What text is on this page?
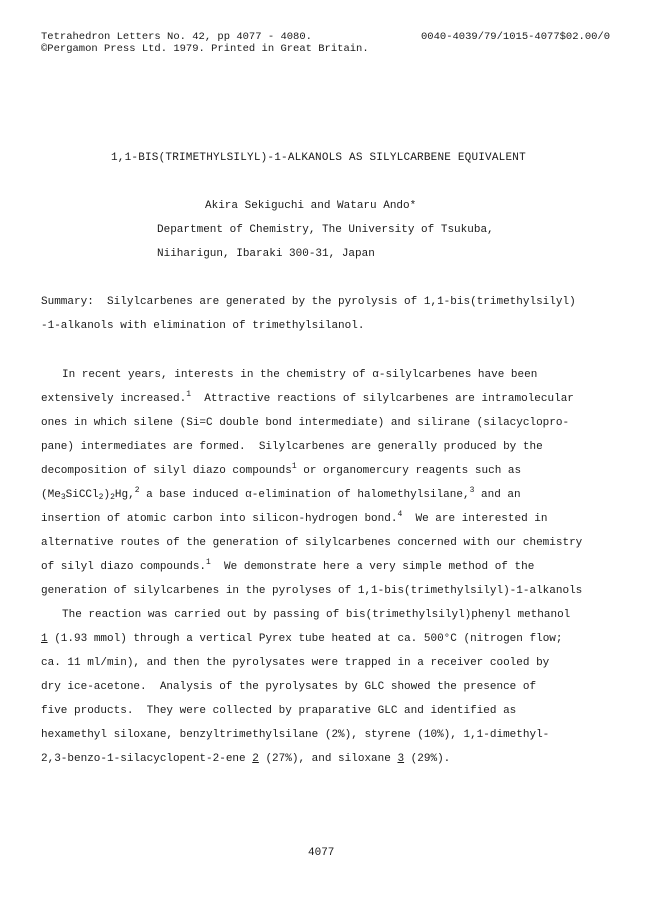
Tetrahedron Letters No. 42, pp 4077 - 4080.
©Pergamon Press Ltd. 1979. Printed in Great Britain.
0040-4039/79/1015-4077$02.00/0
1,1-BIS(TRIMETHYLSILYL)-1-ALKANOLS AS SILYLCARBENE EQUIVALENT
Akira Sekiguchi and Wataru Ando*
Department of Chemistry, The University of Tsukuba,
Niiharigun, Ibaraki 300-31, Japan
Summary:  Silylcarbenes are generated by the pyrolysis of 1,1-bis(trimethylsilyl)
-1-alkanols with elimination of trimethylsilanol.
In recent years, interests in the chemistry of α-silylcarbenes have been
extensively increased.$^1$  Attractive reactions of silylcarbenes are intramolecular
ones in which silene (Si=C double bond intermediate) and silirane (silacyclopro-
pane) intermediates are formed.  Silylcarbenes are generally produced by the
decomposition of silyl diazo compounds$^1$ or organomercury reagents such as
$(Me_3SiCCl_2)_2Hg,^2$ a base induced α-elimination of halomethylsilane,$^3$ and an
insertion of atomic carbon into silicon-hydrogen bond.$^4$  We are interested in
alternative routes of the generation of silylcarbenes concerned with our chemistry
of silyl diazo compounds.$^1$  We demonstrate here a very simple method of the
generation of silylcarbenes in the pyrolyses of 1,1-bis(trimethylsilyl)-1-alkanols
The reaction was carried out by passing of bis(trimethylsilyl)phenyl methanol
1 (1.93 mmol) through a vertical Pyrex tube heated at ca. 500°C (nitrogen flow;
ca. 11 ml/min), and then the pyrolysates were trapped in a receiver cooled by
dry ice-acetone.  Analysis of the pyrolysates by GLC showed the presence of
five products.  They were collected by praparative GLC and identified as
hexamethyl siloxane, benzyltrimethylsilane (2%), styrene (10%), 1,1-dimethyl-
2,3-benzo-1-silacyclopent-2-ene 2 (27%), and siloxane 3 (29%).
4077
